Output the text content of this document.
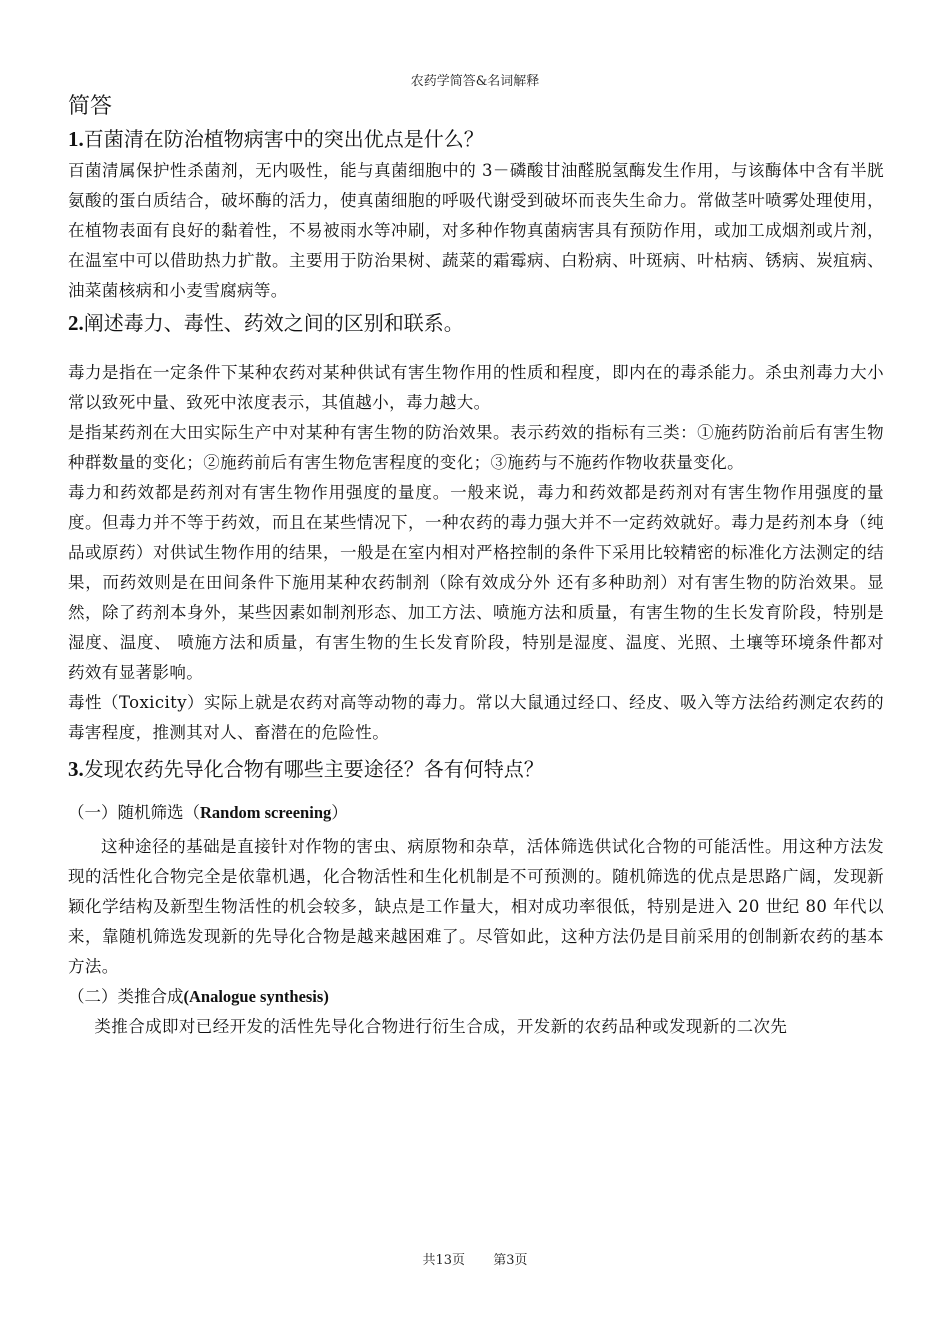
农药学简答&名词解释
简答
1.百菌清在防治植物病害中的突出优点是什么？

百菌清属保护性杀菌剂，无内吸性，能与真菌细胞中的 3－磷酸甘油醛脱氢酶发生作用，与该酶体中含有半胱氨酸的蛋白质结合，破坏酶的活力，使真菌细胞的呼吸代谢受到破坏而丧失生命力。常做茎叶喷雾处理使用，在植物表面有良好的黏着性，不易被雨水等冲刷，对多种作物真菌病害具有预防作用，或加工成烟剂或片剂，在温室中可以借助热力扩散。主要用于防治果树、蔬菜的霜霉病、白粉病、叶斑病、叶枯病、锈病、炭疽病、油菜菌核病和小麦雪腐病等。

2.阐述毒力、毒性、药效之间的区别和联系。

毒力是指在一定条件下某种农药对某种供试有害生物作用的性质和程度，即内在的毒杀能力。杀虫剂毒力大小常以致死中量、致死中浓度表示，其值越小，毒力越大。

是指某药剂在大田实际生产中对某种有害生物的防治效果。表示药效的指标有三类：①施药防治前后有害生物种群数量的变化；②施药前后有害生物危害程度的变化；③施药与不施药作物收获量变化。

毒力和药效都是药剂对有害生物作用强度的量度。一般来说，毒力和药效都是药剂对有害生物作用强度的量度。但毒力并不等于药效，而且在某些情况下，一种农药的毒力强大并不一定药效就好。毒力是药剂本身（纯品或原药）对供试生物作用的结果，一般是在室内相对严格控制的条件下采用比较精密的标准化方法测定的结果，而药效则是在田间条件下施用某种农药制剂（除有效成分外 还有多种助剂）对有害生物的防治效果。显然，除了药剂本身外，某些因素如制剂形态、加工方法、喷施方法和质量，有害生物的生长发育阶段，特别是湿度、温度、 喷施方法和质量，有害生物的生长发育阶段，特别是湿度、温度、光照、土壤等环境条件都对药效有显著影响。

毒性（Toxicity）实际上就是农药对高等动物的毒力。常以大鼠通过经口、经皮、吸入等方法给药测定农药的毒害程度，推测其对人、畜潜在的危险性。

3.发现农药先导化合物有哪些主要途径？各有何特点？
（一）随机筛选（Random screening）

这种途径的基础是直接针对作物的害虫、病原物和杂草，活体筛选供试化合物的可能活性。用这种方法发现的活性化合物完全是依靠机遇，化合物活性和生化机制是不可预测的。随机筛选的优点是思路广阔，发现新颖化学结构及新型生物活性的机会较多，缺点是工作量大，相对成功率很低，特别是进入 20 世纪 80 年代以来，靠随机筛选发现新的先导化合物是越来越困难了。尽管如此，这种方法仍是目前采用的创制新农药的基本方法。

（二）类推合成(Analogue synthesis)

类推合成即对已经开发的活性先导化合物进行衍生合成，开发新的农药品种或发现新的二次先

共13页 第3页
